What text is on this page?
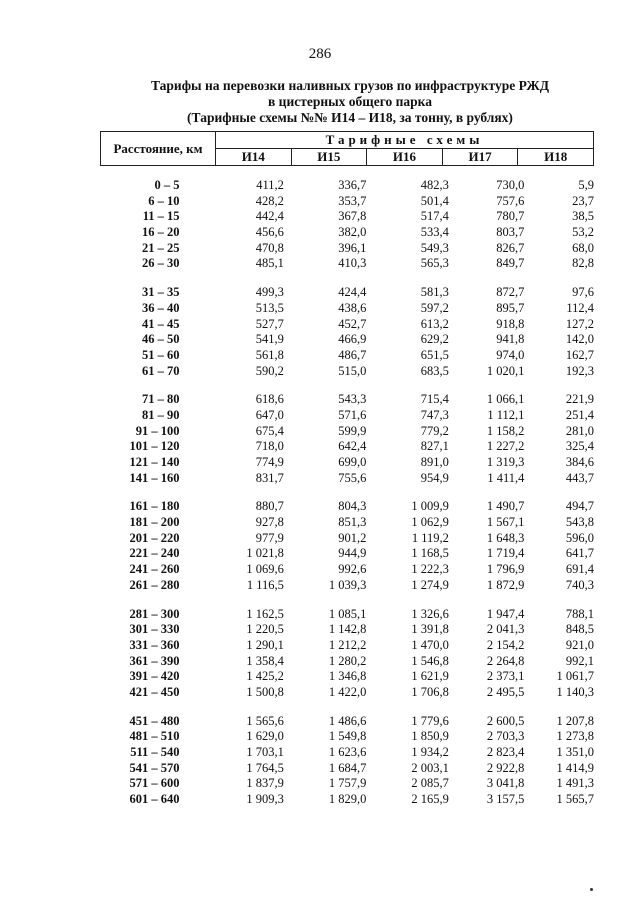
286
Тарифы на перевозки наливных грузов по инфраструктуре РЖД
в цистерных общего парка
(Тарифные схемы №№ И14 – И18, за тонну, в рублях)
Расстояние, км	Тарифные схемы				
	И14	И15	И16	И17	И18
0 – 5	411,2	336,7	482,3	730,0	5,9
6 – 10	428,2	353,7	501,4	757,6	23,7
11 – 15	442,4	367,8	517,4	780,7	38,5
16 – 20	456,6	382,0	533,4	803,7	53,2
21 – 25	470,8	396,1	549,3	826,7	68,0
26 – 30	485,1	410,3	565,3	849,7	82,8
31 – 35	499,3	424,4	581,3	872,7	97,6
36 – 40	513,5	438,6	597,2	895,7	112,4
41 – 45	527,7	452,7	613,2	918,8	127,2
46 – 50	541,9	466,9	629,2	941,8	142,0
51 – 60	561,8	486,7	651,5	974,0	162,7
61 – 70	590,2	515,0	683,5	1 020,1	192,3
71 – 80	618,6	543,3	715,4	1 066,1	221,9
81 – 90	647,0	571,6	747,3	1 112,1	251,4
91 – 100	675,4	599,9	779,2	1 158,2	281,0
101 – 120	718,0	642,4	827,1	1 227,2	325,4
121 – 140	774,9	699,0	891,0	1 319,3	384,6
141 – 160	831,7	755,6	954,9	1 411,4	443,7
161 – 180	880,7	804,3	1 009,9	1 490,7	494,7
181 – 200	927,8	851,3	1 062,9	1 567,1	543,8
201 – 220	977,9	901,2	1 119,2	1 648,3	596,0
221 – 240	1 021,8	944,9	1 168,5	1 719,4	641,7
241 – 260	1 069,6	992,6	1 222,3	1 796,9	691,4
261 – 280	1 116,5	1 039,3	1 274,9	1 872,9	740,3
281 – 300	1 162,5	1 085,1	1 326,6	1 947,4	788,1
301 – 330	1 220,5	1 142,8	1 391,8	2 041,3	848,5
331 – 360	1 290,1	1 212,2	1 470,0	2 154,2	921,0
361 – 390	1 358,4	1 280,2	1 546,8	2 264,8	992,1
391 – 420	1 425,2	1 346,8	1 621,9	2 373,1	1 061,7
421 – 450	1 500,8	1 422,0	1 706,8	2 495,5	1 140,3
451 – 480	1 565,6	1 486,6	1 779,6	2 600,5	1 207,8
481 – 510	1 629,0	1 549,8	1 850,9	2 703,3	1 273,8
511 – 540	1 703,1	1 623,6	1 934,2	2 823,4	1 351,0
541 – 570	1 764,5	1 684,7	2 003,1	2 922,8	1 414,9
571 – 600	1 837,9	1 757,9	2 085,7	3 041,8	1 491,3
601 – 640	1 909,3	1 829,0	2 165,9	3 157,5	1 565,7
